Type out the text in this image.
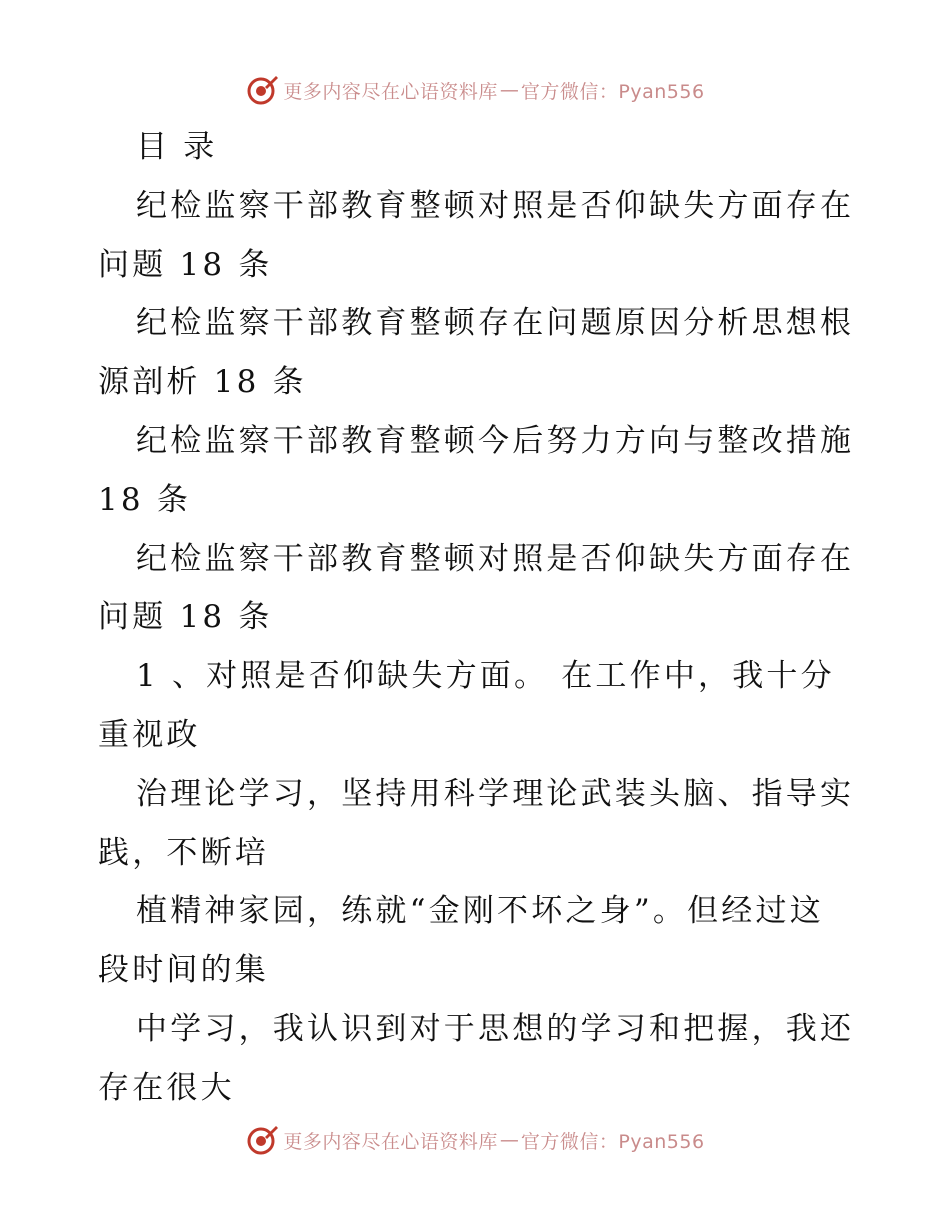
更多内容尽在心语资料库 — 官方微信：Pyan556
目 录
纪检监察干部教育整顿对照是否仰缺失方面存在
问题 18 条
纪检监察干部教育整顿存在问题原因分析思想根
源剖析 18 条
纪检监察干部教育整顿今后努力方向与整改措施
18 条
纪检监察干部教育整顿对照是否仰缺失方面存在
问题 18 条
1 、对照是否仰缺失方面。 在工作中，我十分
重视政
治理论学习，坚持用科学理论武装头脑、指导实
践，不断培
植精神家园，练就“金刚不坏之身”。但经过这
段时间的集
中学习，我认识到对于思想的学习和把握，我还
存在很大
更多内容尽在心语资料库 — 官方微信：Pyan556
